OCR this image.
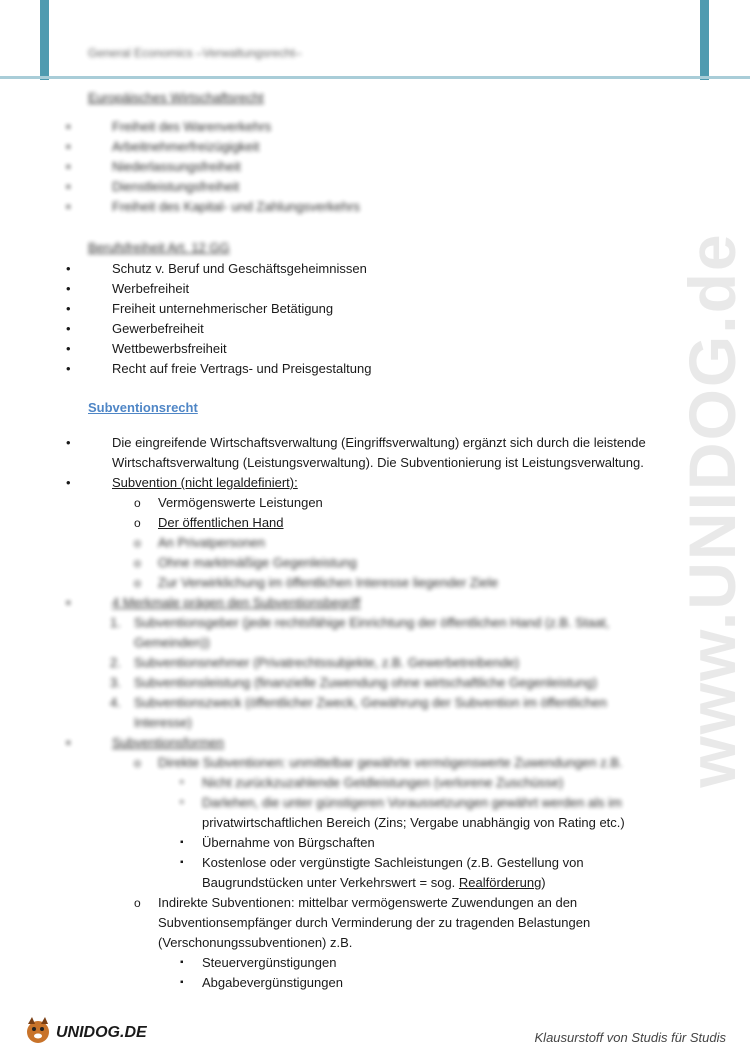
General Economics –Verwaltungsrecht–
www.UNIDOG.de
Europäisches Wirtschaftsrecht
• Freiheit des Warenverkehrs
• Arbeitnehmerfreizügigkeit
• Niederlassungsfreiheit
• Dienstleistungsfreiheit
• Freiheit des Kapital- und Zahlungsverkehrs
Berufsfreiheit Art. 12 GG
• Schutz v. Beruf und Geschäftsgeheimnissen
• Werbefreiheit
• Freiheit unternehmerischer Betätigung
• Gewerbefreiheit
• Wettbewerbsfreiheit
• Recht auf freie Vertrags- und Preisgestaltung
Subventionsrecht
• Die eingreifende Wirtschaftsverwaltung (Eingriffsverwaltung) ergänzt sich durch die leistende
Wirtschaftsverwaltung (Leistungsverwaltung). Die Subventionierung ist Leistungsverwaltung.
• Subvention (nicht legaldefiniert):
o Vermögenswerte Leistungen
o Der öffentlichen Hand
o An Privatpersonen
o Ohne marktmäßige Gegenleistung
o Zur Verwirklichung im öffentlichen Interesse liegender Ziele
• 4 Merkmale prägen den Subventionsbegriff
1. Subventionsgeber (jede rechtsfähige Einrichtung der öffentlichen Hand (z.B. Staat,
Gemeinden))
2. Subventionsnehmer (Privatrechtssubjekte, z.B. Gewerbetreibende)
3. Subventionsleistung (finanzielle Zuwendung ohne wirtschaftliche Gegenleistung)
4. Subventionszweck (öffentlicher Zweck, Gewährung der Subvention im öffentlichen Interesse)
• Subventionsformen
o Direkte Subventionen: unmittelbar gewährte vermögenswerte Zuwendungen z.B.
▪ Nicht zurückzuzahlende Geldleistungen (verlorene Zuschüsse)
▪ Darlehen, die unter günstigeren Voraussetzungen gewährt werden als im
privatwirtschaftlichen Bereich (Zins; Vergabe unabhängig von Rating etc.)
▪ Übernahme von Bürgschaften
▪ Kostenlose oder vergünstigte Sachleistungen (z.B. Gestellung von
Baugrundstücken unter Verkehrswert = sog. Realförderung)
o Indirekte Subventionen: mittelbar vermögenswerte Zuwendungen an den
Subventionsempfänger durch Verminderung der zu tragenden Belastungen
(Verschonungssubventionen) z.B.
▪ Steuervergünstigungen
▪ Abgabevergünstigungen
UNIDOG.DE	Klausurstoff von Studis für Studis
